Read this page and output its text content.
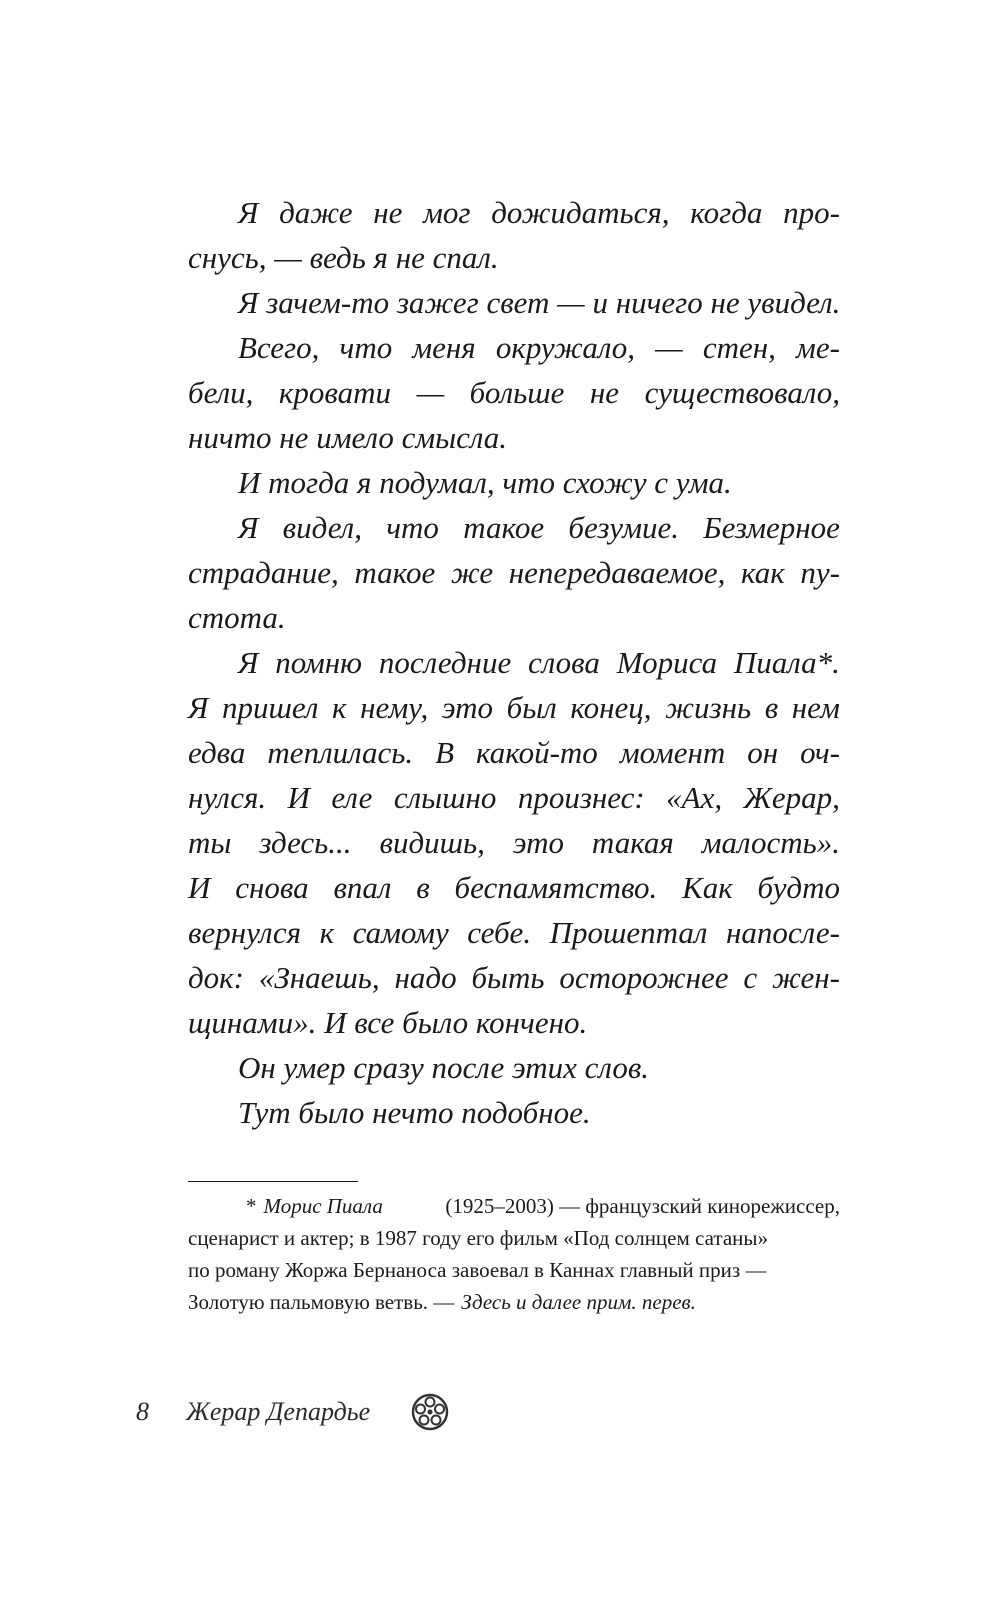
Я даже не мог дожидаться, когда про-
снусь, — ведь я не спал.
Я зачем-то зажег свет — и ничего не увидел.
Всего, что меня окружало, — стен, ме-
бели, кровати — больше не существовало,
ничто не имело смысла.
И тогда я подумал, что схожу с ума.
Я видел, что такое безумие. Безмерное
страдание, такое же непередаваемое, как пу-
стота.
Я помню последние слова Мориса Пиала*.
Я пришел к нему, это был конец, жизнь в нем
едва теплилась. В какой-то момент он оч-
нулся. И еле слышно произнес: «Ах, Жерар,
ты здесь... видишь, это такая малость».
И снова впал в беспамятство. Как будто
вернулся к самому себе. Прошептал напосле-
док: «Знаешь, надо быть осторожнее с жен-
щинами». И все было кончено.
Он умер сразу после этих слов.
Тут было нечто подобное.
* Морис Пиала	(1925–2003) — французский кинорежиссер,
сценарист и актер; в 1987 году его фильм «Под солнцем сатаны»
по роману Жоржа Бернаноса завоевал в Каннах главный приз —
Золотую пальмовую ветвь. — Здесь и далее прим. перев.
8	Жерар Депардье
